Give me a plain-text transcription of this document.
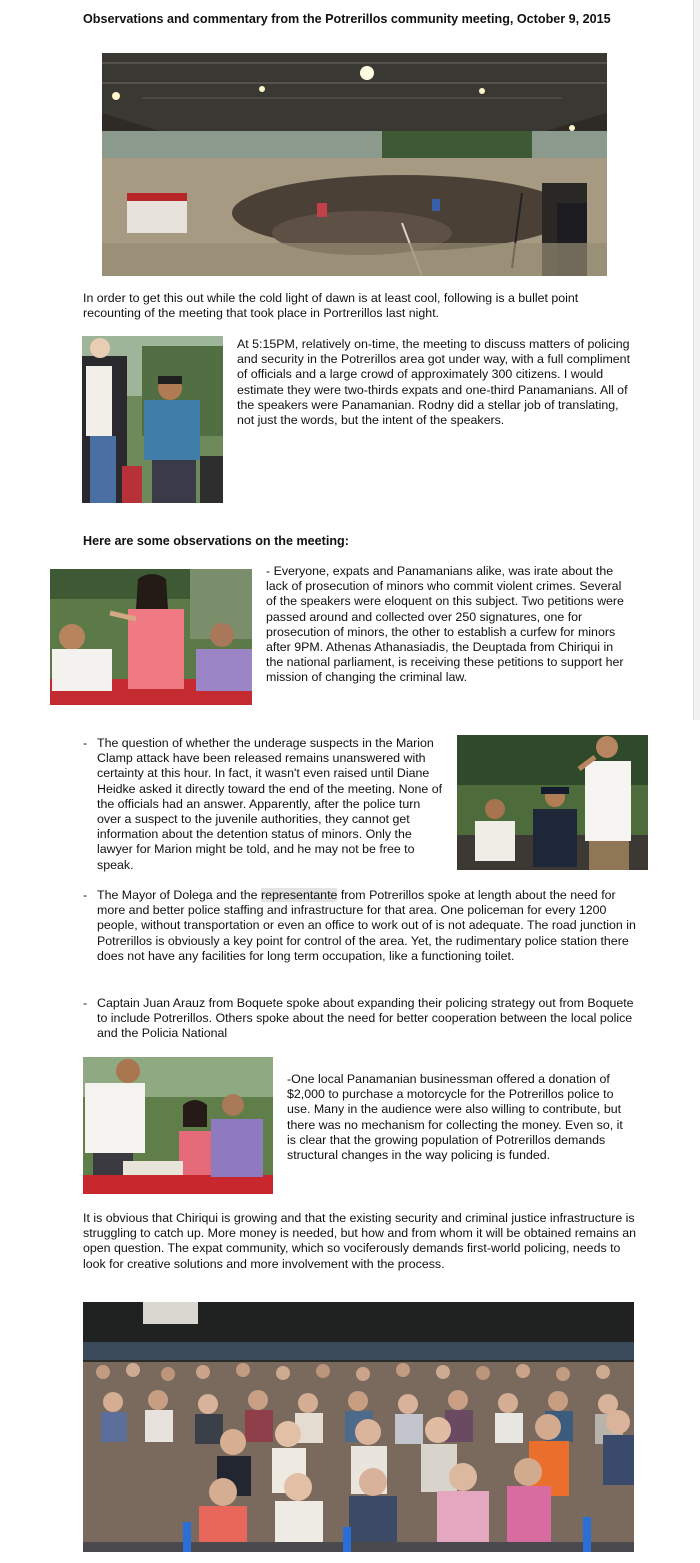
Observations and commentary from the Potrerillos community meeting, October 9, 2015

In order to get this out while the cold light of dawn is at least cool, following is a bullet point recounting of the meeting that took place in Portrerillos last night.

At 5:15PM, relatively on-time, the meeting to discuss matters of policing and security in the Potrerillos area got under way, with a full compliment of officials and a large crowd of approximately 300 citizens. I would estimate they were two-thirds expats and one-third Panamanians. All of the speakers were Panamanian. Rodny did a stellar job of translating, not just the words, but the intent of the speakers.

Here are some observations on the meeting:

- Everyone, expats and Panamanians alike, was irate about the lack of prosecution of minors who commit violent crimes. Several of the speakers were eloquent on this subject. Two petitions were passed around and collected over 250 signatures, one for prosecution of minors, the other to establish a curfew for minors after 9PM. Athenas Athanasiadis, the Deuptada from Chiriqui in the national parliament, is receiving these petitions to support her mission of changing the criminal law.

- The question of whether the underage suspects in the Marion Clamp attack have been released remains unanswered with certainty at this hour. In fact, it wasn't even raised until Diane Heidke asked it directly toward the end of the meeting. None of the officials had an answer. Apparently, after the police turn over a suspect to the juvenile authorities, they cannot get information about the detention status of minors. Only the lawyer for Marion might be told, and he may not be free to speak.
- The Mayor of Dolega and the representante from Potrerillos spoke at length about the need for more and better police staffing and infrastructure for that area. One policeman for every 1200 people, without transportation or even an office to work out of is not adequate. The road junction in Potrerillos is obviously a key point for control of the area. Yet, the rudimentary police station there does not have any facilities for long term occupation, like a functioning toilet.
- Captain Juan Arauz from Boquete spoke about expanding their policing strategy out from Boquete to include Potrerillos. Others spoke about the need for better cooperation between the local police and the Policia National

-One local Panamanian businessman offered a donation of $2,000 to purchase a motorcycle for the Potrerillos police to use. Many in the audience were also willing to contribute, but there was no mechanism for collecting the money. Even so, it is clear that the growing population of Potrerillos demands structural changes in the way policing is funded.

It is obvious that Chiriqui is growing and that the existing security and criminal justice infrastructure is struggling to catch up. More money is needed, but how and from whom it will be obtained remains an open question. The expat community, which so vociferously demands first-world policing, needs to look for creative solutions and more involvement with the process.
